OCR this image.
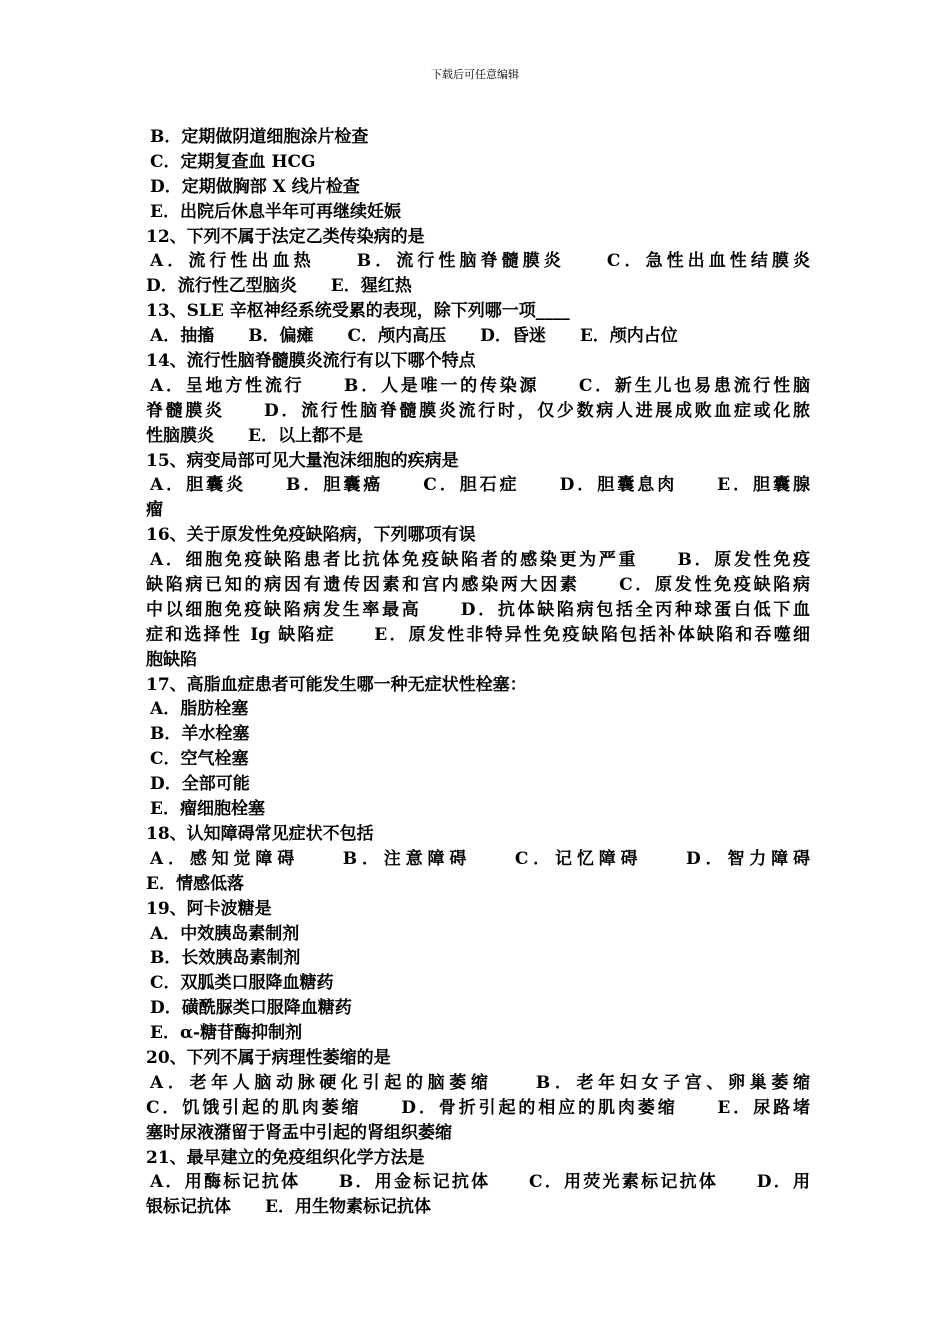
下载后可任意编辑
B．定期做阴道细胞涂片检查
C．定期复查血 HCG
D．定期做胸部 X 线片检查
E．出院后休息半年可再继续妊娠
12、下列不属于法定乙类传染病的是
A．流行性出血热　　B．流行性脑脊髓膜炎　　C．急性出血性结膜炎
D．流行性乙型脑炎　　E．猩红热
13、SLE 辛枢神经系统受累的表现，除下列哪一项____
A．抽搐　　B．偏瘫　　C．颅内高压　　D．昏迷　　E．颅内占位
14、流行性脑脊髓膜炎流行有以下哪个特点
A．呈地方性流行　　B．人是唯一的传染源　　C．新生儿也易患流行性脑
脊髓膜炎　　D．流行性脑脊髓膜炎流行时，仅少数病人进展成败血症或化脓
性脑膜炎　　E．以上都不是
15、病变局部可见大量泡沫细胞的疾病是
A．胆囊炎　　B．胆囊癌　　C．胆石症　　D．胆囊息肉　　E．胆囊腺
瘤
16、关于原发性免疫缺陷病，下列哪项有误
A．细胞免疫缺陷患者比抗体免疫缺陷者的感染更为严重　　B．原发性免疫
缺陷病已知的病因有遗传因素和宫内感染两大因素　　C．原发性免疫缺陷病
中以细胞免疫缺陷病发生率最高　　D．抗体缺陷病包括全丙种球蛋白低下血
症和选择性 Ig 缺陷症　　E．原发性非特异性免疫缺陷包括补体缺陷和吞噬细
胞缺陷
17、高脂血症患者可能发生哪一种无症状性栓塞：
A．脂肪栓塞
B．羊水栓塞
C．空气栓塞
D．全部可能
E．瘤细胞栓塞
18、认知障碍常见症状不包括
A．感知觉障碍　　B．注意障碍　　C．记忆障碍　　D．智力障碍
E．情感低落
19、阿卡波糖是
A．中效胰岛素制剂
B．长效胰岛素制剂
C．双胍类口服降血糖药
D．磺酰脲类口服降血糖药
E．α-糖苷酶抑制剂
20、下列不属于病理性萎缩的是
A．老年人脑动脉硬化引起的脑萎缩　　B．老年妇女子宫、卵巢萎缩
C．饥饿引起的肌肉萎缩　　D．骨折引起的相应的肌肉萎缩　　E．尿路堵
塞时尿液潴留于肾盂中引起的肾组织萎缩
21、最早建立的免疫组织化学方法是
A．用酶标记抗体　　B．用金标记抗体　　C．用荧光素标记抗体　　D．用
银标记抗体　　E．用生物素标记抗体
